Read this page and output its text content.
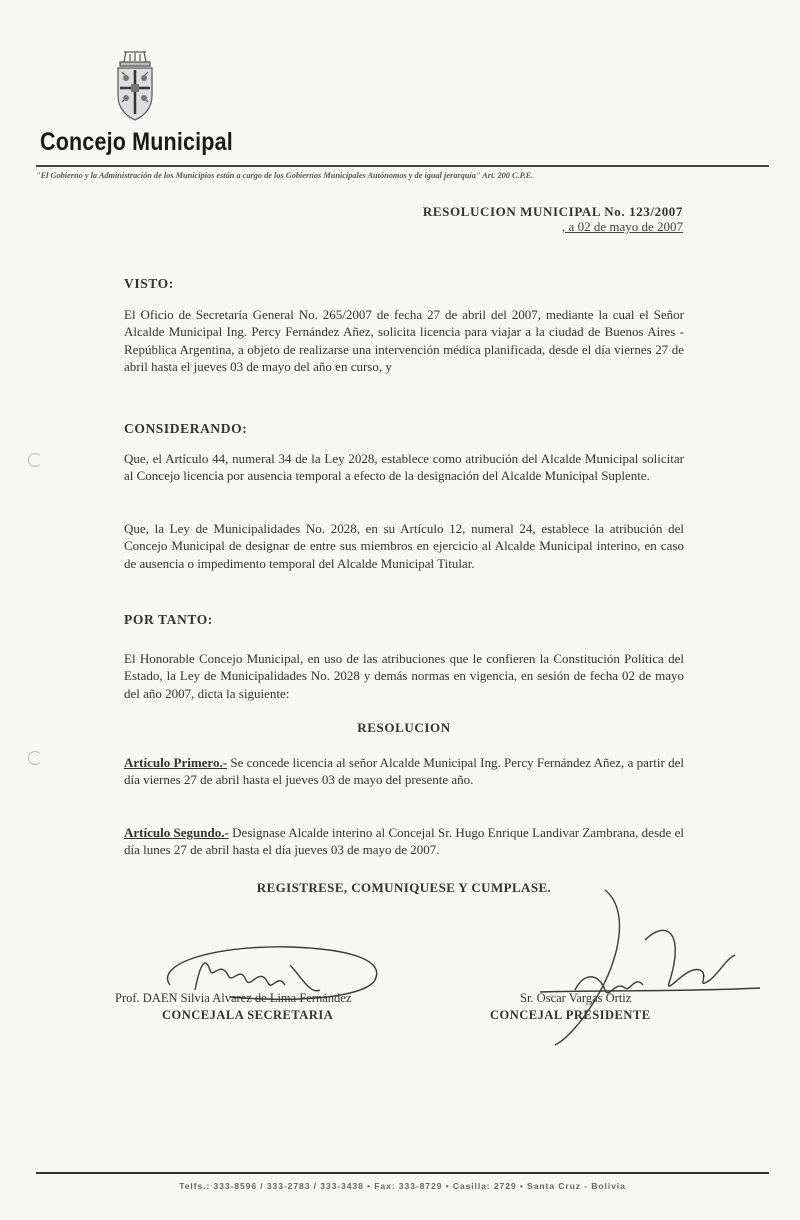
Concejo Municipal
"El Gobierno y la Administración de los Municipios están a cargo de los Gobiernos Municipales Autónomos y de igual jerarquía" Art. 200 C.P.E.
RESOLUCION MUNICIPAL No. 123/2007
, a 02 de mayo de 2007
VISTO:
El Oficio de Secretaría General No. 265/2007 de fecha 27 de abril del 2007, mediante la cual el Señor Alcalde Municipal Ing. Percy Fernández Añez, solicita licencia para viajar a la ciudad de Buenos Aires - República Argentina, a objeto de realizarse una intervención médica planificada, desde el día viernes 27 de abril hasta el jueves 03 de mayo del año en curso, y
CONSIDERANDO:
Que, el Artículo 44, numeral 34 de la Ley 2028, establece como atribución del Alcalde Municipal solicitar al Concejo licencia por ausencia temporal a efecto de la designación del Alcalde Municipal Suplente.
Que, la Ley de Municipalidades No. 2028, en su Artículo 12, numeral 24, establece la atribución del Concejo Municipal de designar de entre sus miembros en ejercicio al Alcalde Municipal interino, en caso de ausencia o impedimento temporal del Alcalde Municipal Titular.
POR TANTO:
El Honorable Concejo Municipal, en uso de las atribuciones que le confieren la Constitución Política del Estado, la Ley de Municipalidades No. 2028 y demás normas en vigencia, en sesión de fecha 02 de mayo del año 2007, dicta la siguiente:
RESOLUCION
Artículo Primero.- Se concede licencia al señor Alcalde Municipal Ing. Percy Fernández Añez, a partir del día viernes 27 de abril hasta el jueves 03 de mayo del presente año.
Artículo Segundo.- Designase Alcalde interino al Concejal Sr. Hugo Enrique Landivar Zambrana, desde el día lunes 27 de abril hasta el día jueves 03 de mayo de 2007.
REGISTRESE, COMUNIQUESE Y CUMPLASE.
Prof. DAEN Silvia Alvarez de Lima Fernández
CONCEJALA SECRETARIA
Sr. Oscar Vargas Ortiz
CONCEJAL PRESIDENTE
Telfs.: 333-8596 / 333-2783 / 333-3438 • Fax: 333-8729 • Casilla: 2729 • Santa Cruz - Bolivia
